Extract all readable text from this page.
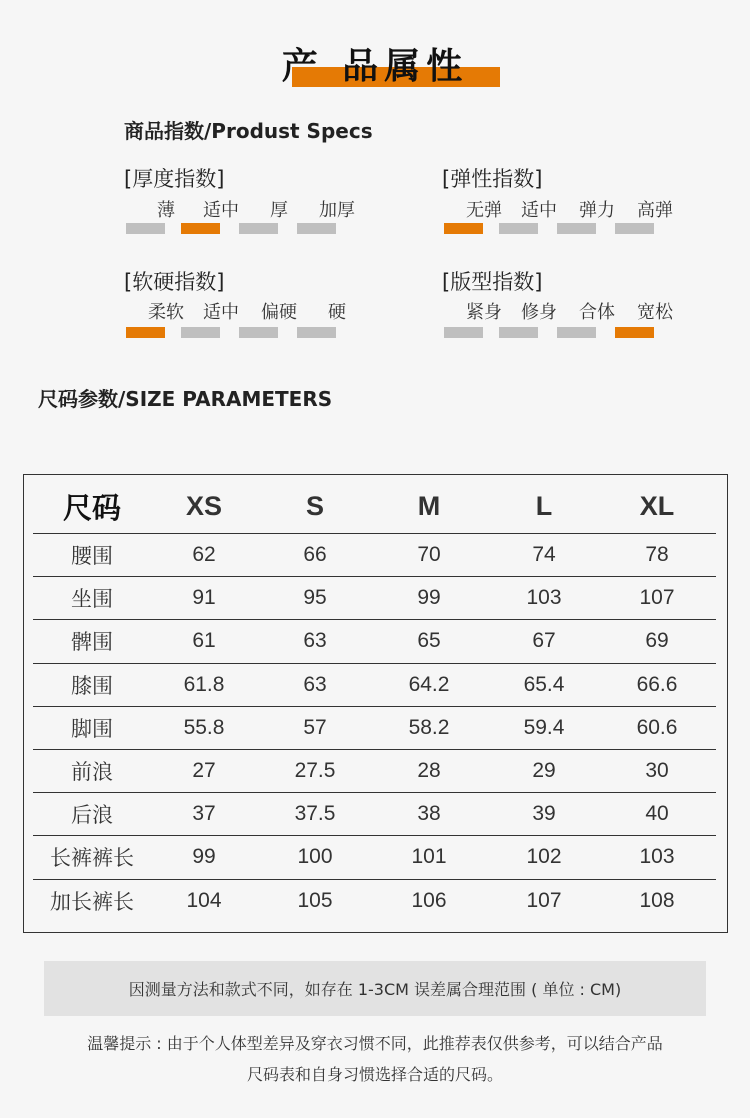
产 品属性
商品指数/Produst Specs
[厚度指数]
薄	适中	厚	加厚
[弹性指数]
无弹	适中	弹力	高弹
[软硬指数]
柔软	适中	偏硬	硬
[版型指数]
紧身	修身	合体	宽松
尺码参数/SIZE PARAMETERS
尺码	XS	S	M	L	XL
腰围	62	66	70	74	78
坐围	91	95	99	103	107
髀围	61	63	65	67	69
膝围	61.8	63	64.2	65.4	66.6
脚围	55.8	57	58.2	59.4	60.6
前浪	27	27.5	28	29	30
后浪	37	37.5	38	39	40
长裤裤长	99	100	101	102	103
加长裤长	104	105	106	107	108
因测量方法和款式不同，如存在 1-3CM 误差属合理范围 ( 单位 : CM)
温馨提示 : 由于个人体型差异及穿衣习惯不同，此推荐表仅供参考，可以结合产品
尺码表和自身习惯选择合适的尺码。
